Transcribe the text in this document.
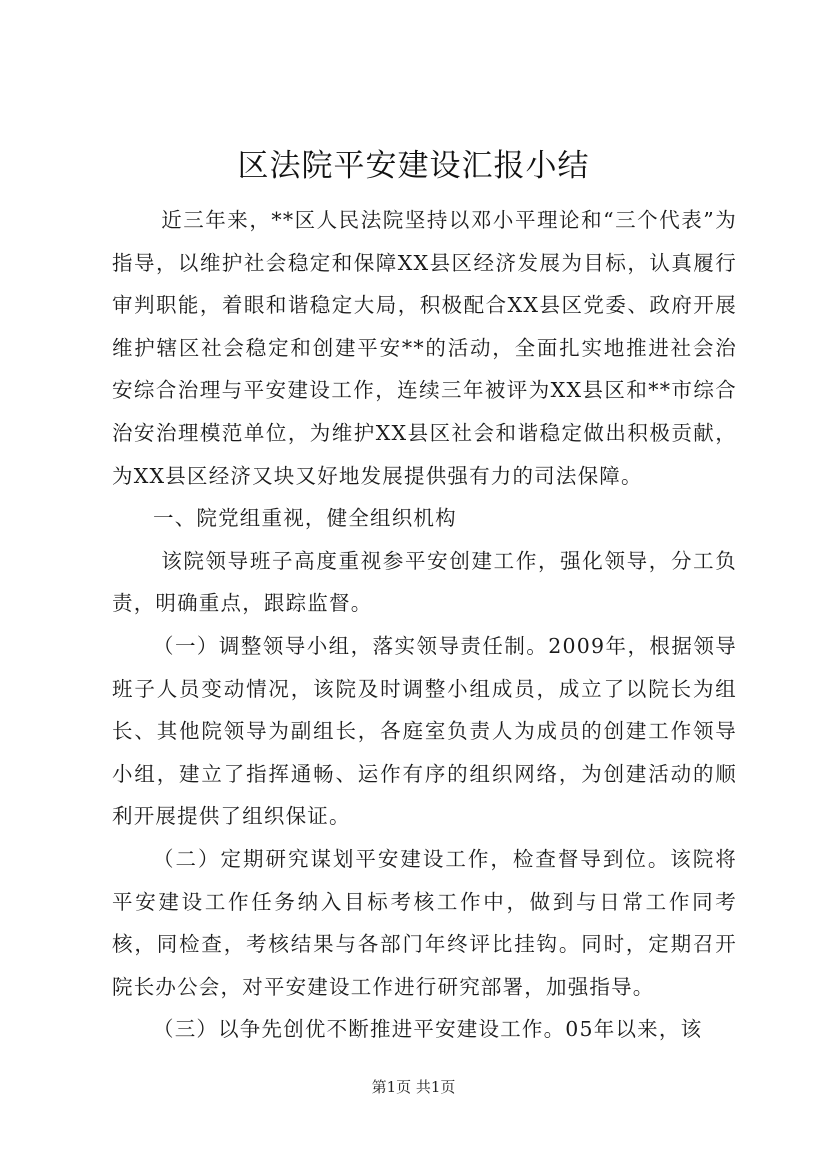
区法院平安建设汇报小结

近三年来，**区人民法院坚持以邓小平理论和“三个代表”为指导，以维护社会稳定和保障XX县区经济发展为目标，认真履行审判职能，着眼和谐稳定大局，积极配合XX县区党委、政府开展维护辖区社会稳定和创建平安**的活动，全面扎实地推进社会治安综合治理与平安建设工作，连续三年被评为XX县区和**市综合治安治理模范单位，为维护XX县区社会和谐稳定做出积极贡献，为XX县区经济又块又好地发展提供强有力的司法保障。

一、院党组重视，健全组织机构

该院领导班子高度重视参平安创建工作，强化领导，分工负责，明确重点，跟踪监督。

（一）调整领导小组，落实领导责任制。2009年，根据领导班子人员变动情况，该院及时调整小组成员，成立了以院长为组长、其他院领导为副组长，各庭室负责人为成员的创建工作领导小组，建立了指挥通畅、运作有序的组织网络，为创建活动的顺利开展提供了组织保证。

（二）定期研究谋划平安建设工作，检查督导到位。该院将平安建设工作任务纳入目标考核工作中，做到与日常工作同考核，同检查，考核结果与各部门年终评比挂钩。同时，定期召开院长办公会，对平安建设工作进行研究部署，加强指导。

（三）以争先创优不断推进平安建设工作。05年以来，该

第1页 共1页
